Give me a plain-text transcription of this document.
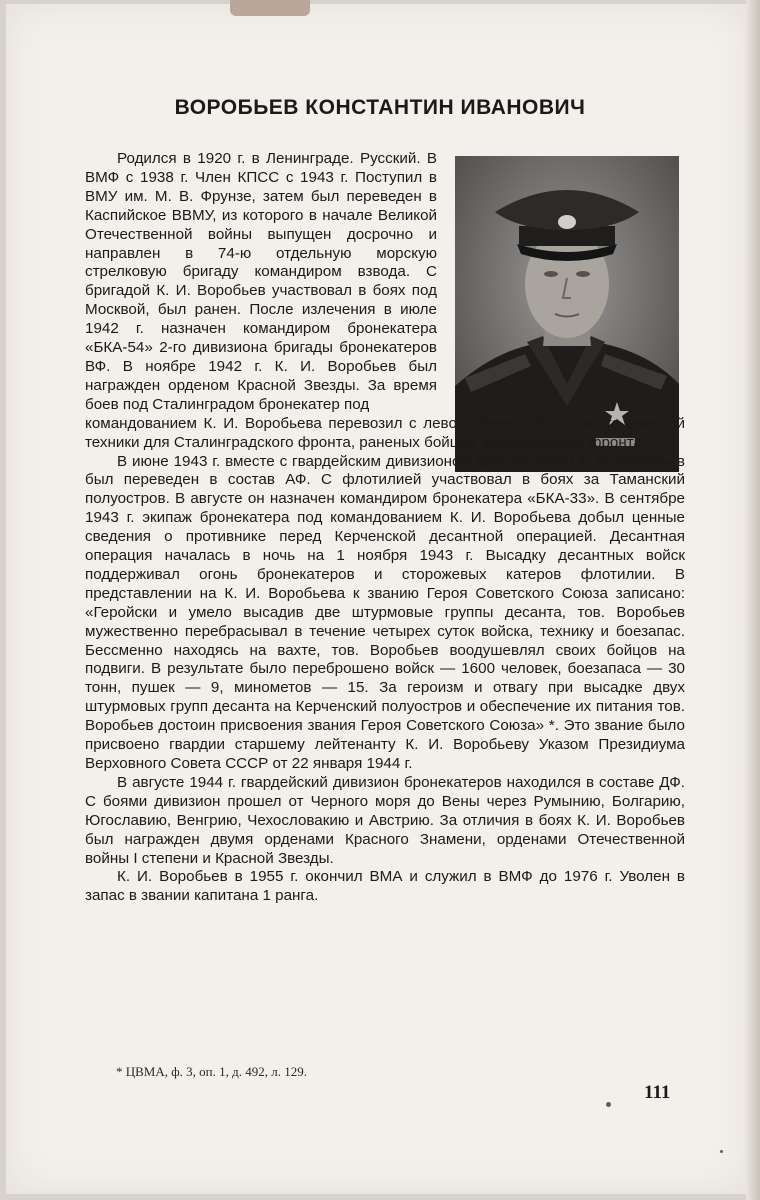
ВОРОБЬЕВ КОНСТАНТИН ИВАНОВИЧ

Родился в 1920 г. в Ленинграде. Русский. В ВМФ с 1938 г. Член КПСС с 1943 г. Поступил в ВМУ им. М. В. Фрунзе, затем был переведен в Каспийское ВВМУ, из которого в начале Великой Отечественной войны выпущен досрочно и направлен в 74-ю отдельную морскую стрелковую бригаду командиром взвода. С бригадой К. И. Воробьев участвовал в боях под Москвой, был ранен. После излечения в июле 1942 г. назначен командиром бронекатера «БКА-54» 2-го дивизиона бригады бронекатеров ВФ. В ноябре 1942 г. К. И. Воробьев был награжден орденом Красной Звезды. За время боев под Сталинградом бронекатер под

командованием К. И. Воробьева перевозил с левого берега Волги много военной техники для Сталинградского фронта, раненых бойцов, командование фронта.

В июне 1943 г. вместе с гвардейским дивизионом бронекатеров К. И. Воробьев был переведен в состав АФ. С флотилией участвовал в боях за Таманский полуостров. В августе он назначен командиром бронекатера «БКА-33». В сентябре 1943 г. экипаж бронекатера под командованием К. И. Воробьева добыл ценные сведения о противнике перед Керченской десантной операцией. Десантная операция началась в ночь на 1 ноября 1943 г. Высадку десантных войск поддерживал огонь бронекатеров и сторожевых катеров флотилии. В представлении на К. И. Воробьева к званию Героя Советского Союза записано: «Геройски и умело высадив две штурмовые группы десанта, тов. Воробьев мужественно перебрасывал в течение четырех суток войска, технику и боезапас. Бессменно находясь на вахте, тов. Воробьев воодушевлял своих бойцов на подвиги. В результате было переброшено войск — 1600 человек, боезапаса — 30 тонн, пушек — 9, минометов — 15. За героизм и отвагу при высадке двух штурмовых групп десанта на Керченский полуостров и обеспечение их питания тов. Воробьев достоин присвоения звания Героя Советского Союза» *. Это звание было присвоено гвардии старшему лейтенанту К. И. Воробьеву Указом Президиума Верховного Совета СССР от 22 января 1944 г.

В августе 1944 г. гвардейский дивизион бронекатеров находился в составе ДФ. С боями дивизион прошел от Черного моря до Вены через Румынию, Болгарию, Югославию, Венгрию, Чехословакию и Австрию. За отличия в боях К. И. Воробьев был награжден двумя орденами Красного Знамени, орденами Отечественной войны I степени и Красной Звезды.

К. И. Воробьев в 1955 г. окончил ВМА и служил в ВМФ до 1976 г. Уволен в запас в звании капитана 1 ранга.

* ЦВМА, ф. 3, оп. 1, д. 492, л. 129.
111
